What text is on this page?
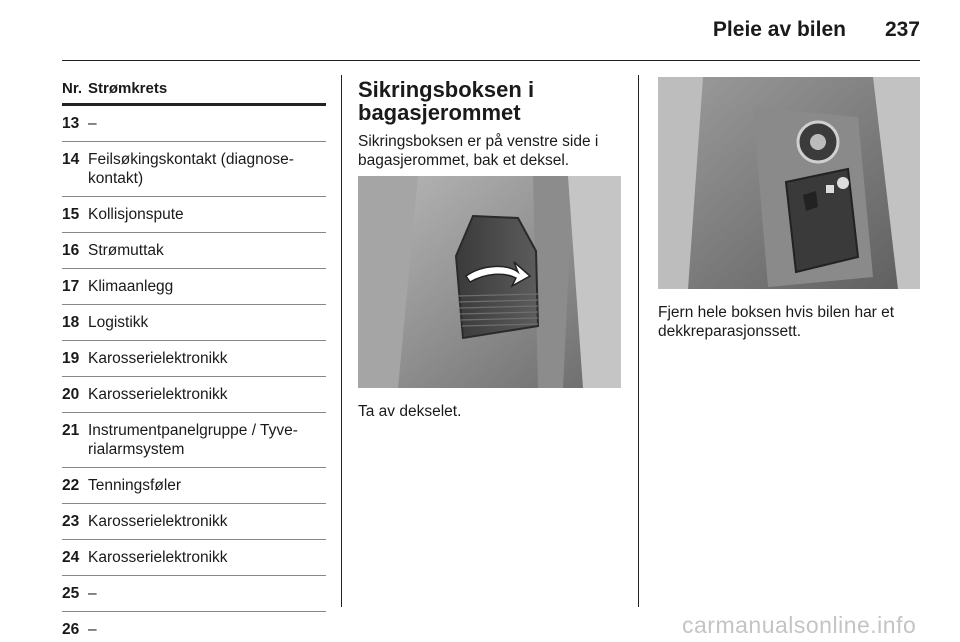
Pleie av bilen	237
Nr. Strømkrets
13 –
14 Feilsøkingskontakt (diagnose-
kontakt)
15 Kollisjonspute
16 Strømuttak
17 Klimaanlegg
18 Logistikk
19 Karosserielektronikk
20 Karosserielektronikk
21 Instrumentpanelgruppe / Tyve-
rialarmsystem
22 Tenningsføler
23 Karosserielektronikk
24 Karosserielektronikk
25 –
26 –
Sikringsboksen i
bagasjerommet

Sikringsboksen er på venstre side i
bagasjerommet, bak et deksel.

Ta av dekselet.

Fjern hele boksen hvis bilen har et
dekkreparasjonssett.

carmanualsonline.info
